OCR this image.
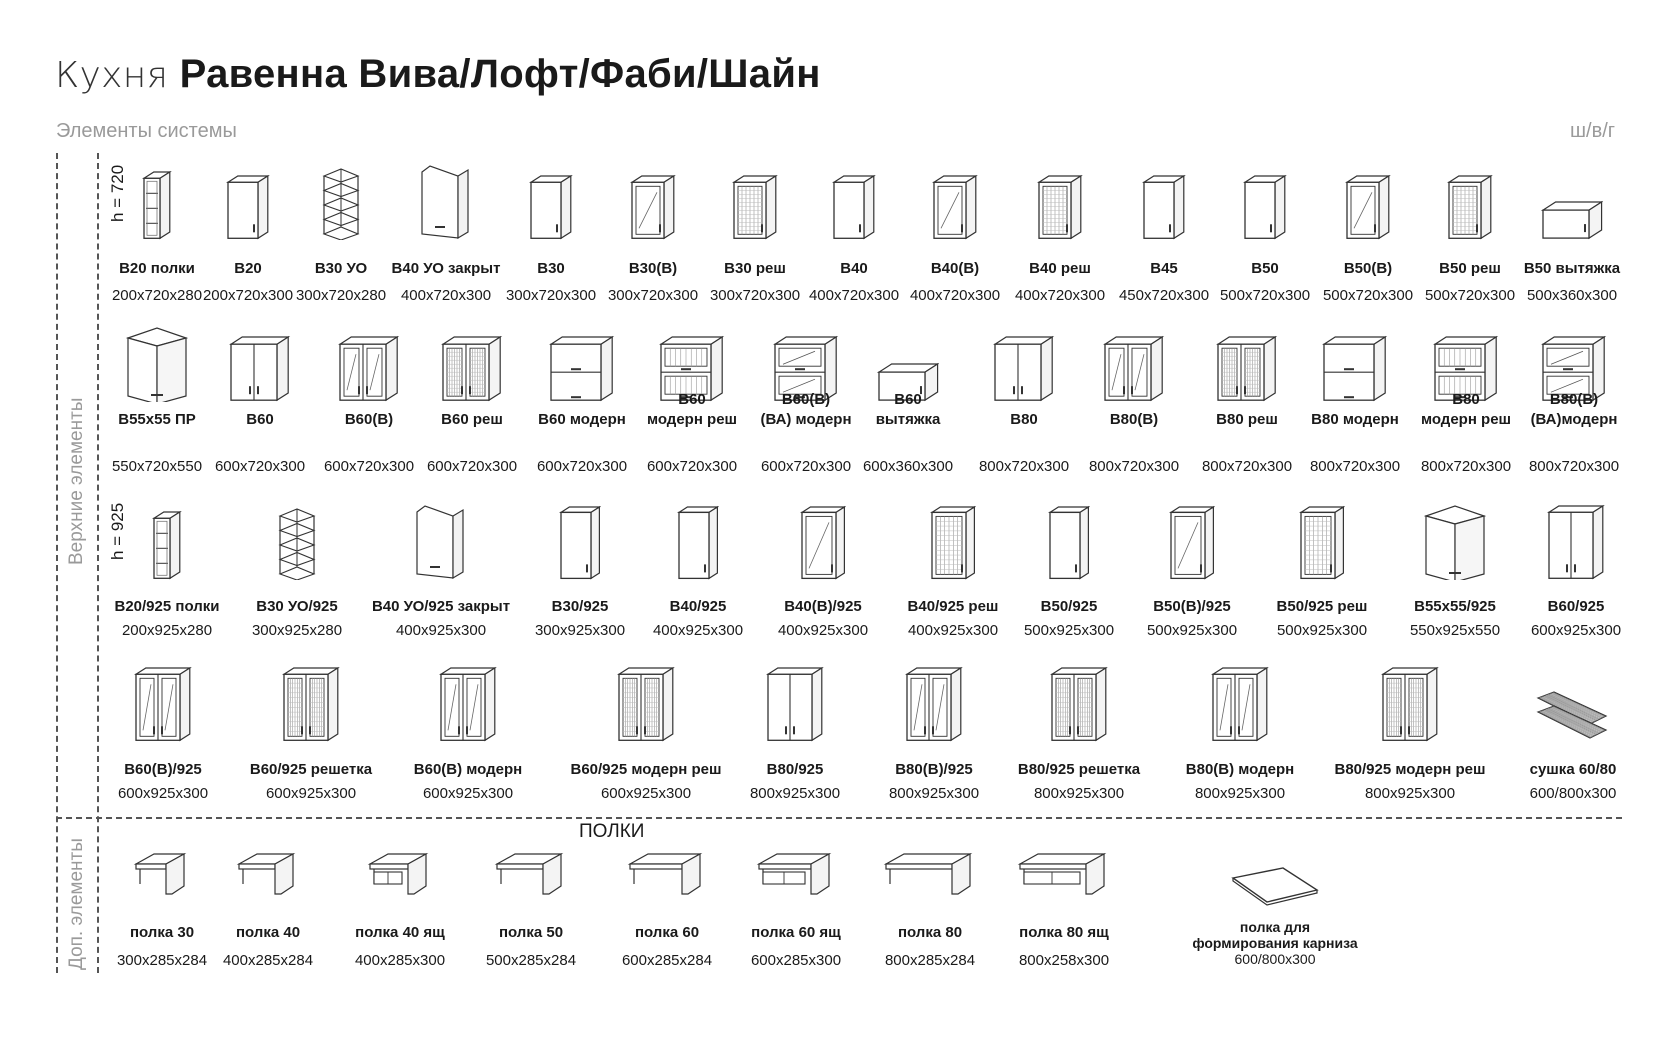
Кухня Равенна Вива/Лофт/Фаби/Шайн
Элементы системы	ш/в/г
Верхние элементы
Доп. элементы
h = 720
h = 925
В20 полки
200x720x280
В20
200x720x300
В30 УО
300x720x280
В40 УО закрыт
400x720x300
В30
300x720x300
В30(В)
300x720x300
В30 реш
300x720x300
В40
400x720x300
В40(В)
400x720x300
В40 реш
400x720x300
В45
450x720x300
В50
500x720x300
В50(В)
500x720x300
В50 реш
500x720x300
В50 вытяжка
500x360x300
В55x55 ПР
550x720x550
В60
600x720x300
В60(В)
600x720x300
В60 реш
600x720x300
В60 модерн
600x720x300
В60
модерн реш
600x720x300
В60(В)
(ВА) модерн
600x720x300
В60
вытяжка
600x360x300
В80
800x720x300
В80(В)
800x720x300
В80 реш
800x720x300
В80 модерн
800x720x300
В80
модерн реш
800x720x300
В80(В)
(ВА)модерн
800x720x300
В20/925 полки
200x925x280
В30 УО/925
300x925x280
В40 УО/925 закрыт
400x925x300
В30/925
300x925x300
В40/925
400x925x300
В40(В)/925
400x925x300
В40/925 реш
400x925x300
В50/925
500x925x300
В50(В)/925
500x925x300
В50/925 реш
500x925x300
В55x55/925
550x925x550
В60/925
600x925x300
В60(В)/925
600x925x300
В60/925 решетка
600x925x300
В60(В) модерн
600x925x300
В60/925 модерн реш
600x925x300
В80/925
800x925x300
В80(В)/925
800x925x300
В80/925 решетка
800x925x300
В80(В) модерн
800x925x300
В80/925 модерн реш
800x925x300
сушка 60/80
600/800x300
полка 30
300x285x284
полка 40
400x285x284
полка 40 ящ
400x285x300
полка 50
500x285x284
полка 60
600x285x284
полка 60 ящ
600x285x300
полка 80
800x285x284
полка 80 ящ
800x258x300
ПОЛКИ
полка для
формирования карниза
600/800x300
